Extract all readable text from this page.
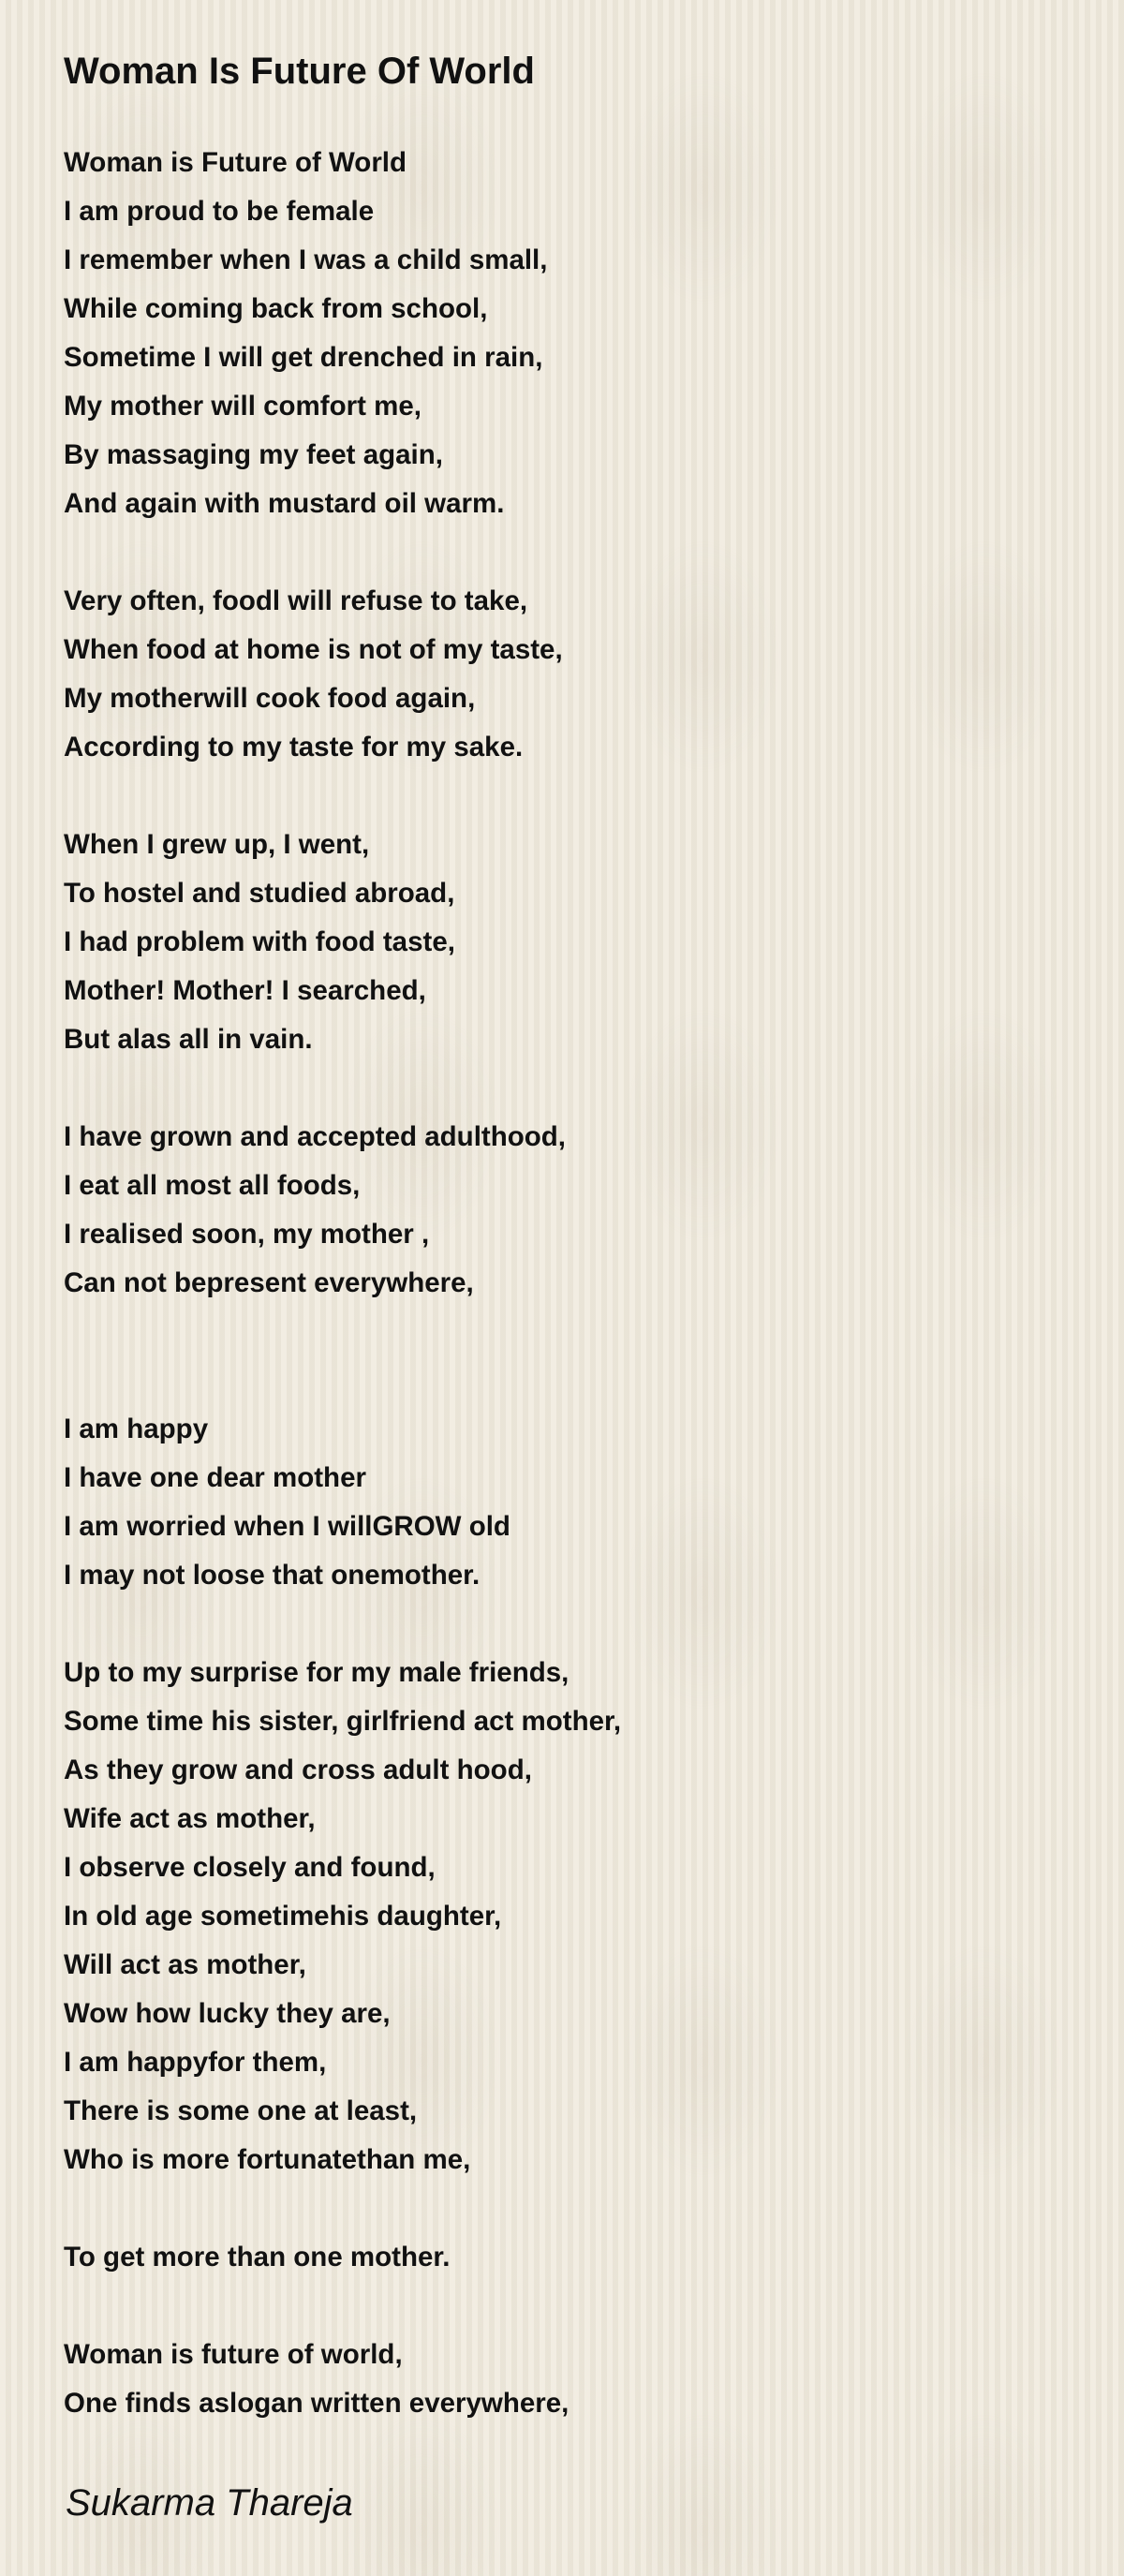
Woman Is Future Of World
Woman is Future of World
I am proud to be female
I remember when I was a child small,
While coming back from school,
Sometime I will get drenched in rain,
My mother will comfort me,
By massaging my feet again,
And again with mustard oil warm.
Very often, foodl will refuse to take,
When food at home is not of my taste,
My motherwill cook food again,
According to my taste for my sake.
When I grew up, I went,
To hostel and studied abroad,
I had problem with food taste,
Mother! Mother! I searched,
But alas all in vain.
I have grown and accepted adulthood,
I eat all most all foods,
I realised soon, my mother ,
Can not bepresent everywhere,
I am happy
I have one dear mother
I am worried when I willGROW old
I may not loose that onemother.
Up to my surprise for my male friends,
Some time his sister, girlfriend act mother,
As they grow and cross adult hood,
Wife act as mother,
I observe closely and found,
In old age sometimehis daughter,
Will act as mother,
Wow how lucky they are,
I am happyfor them,
There is some one at least,
Who is more fortunatethan me,
To get more than one mother.
Woman is future of world,
One finds aslogan written everywhere,
Sukarma Thareja
